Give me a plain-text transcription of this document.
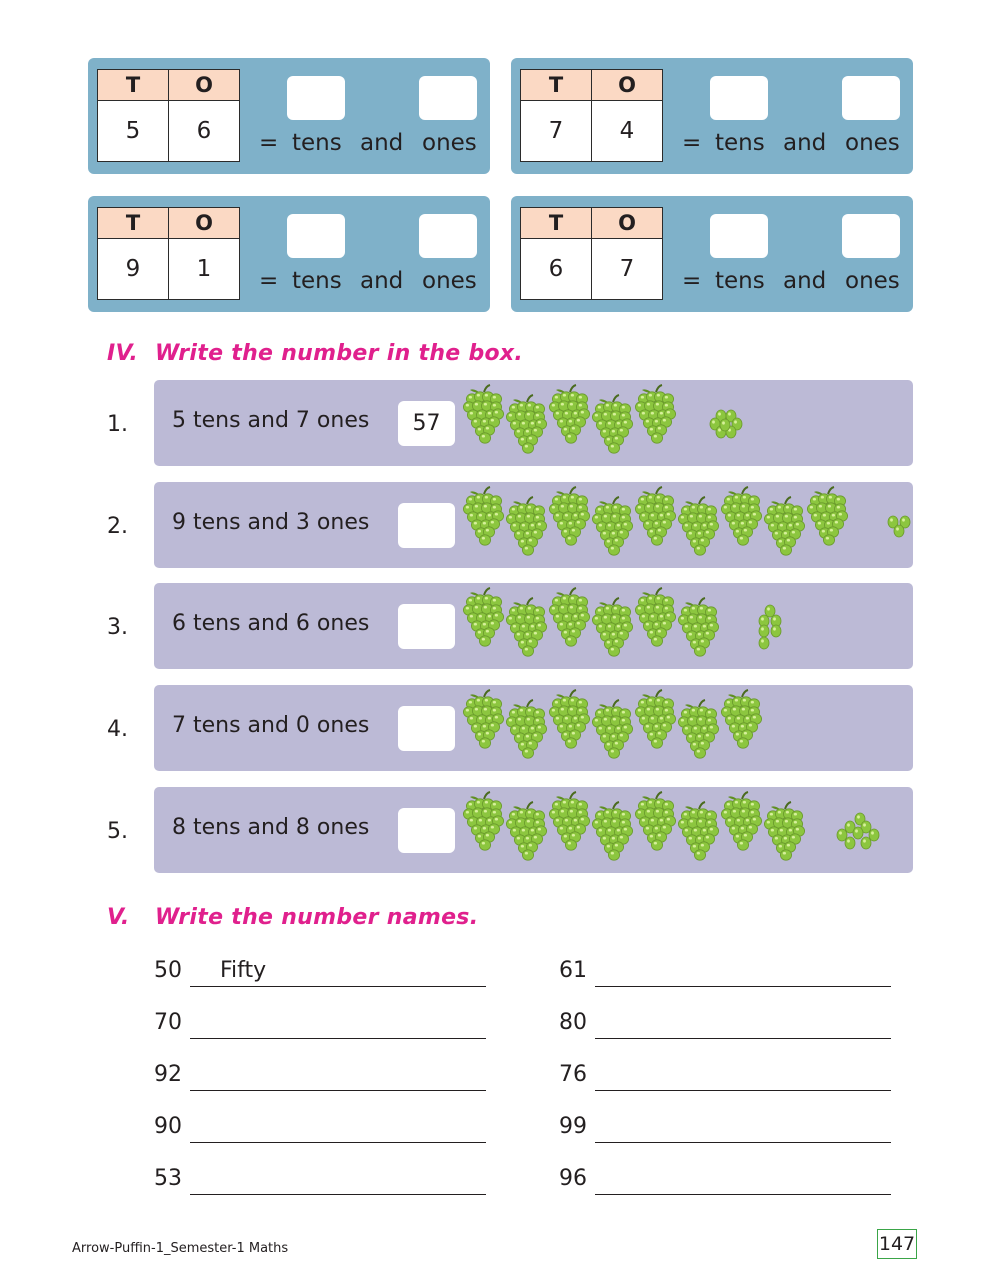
T	O
5	6 = tens and ones
T	O
7	4 = tens and ones
T	O
9	1 = tens and ones
T	O
6	7 = tens and ones
IV. Write the number in the box.
1. 5 tens and 7 ones	57
2. 9 tens and 3 ones
3. 6 tens and 6 ones
4. 7 tens and 0 ones
5. 8 tens and 8 ones
V. Write the number names.
50 Fifty	61
70	80
92	76
90	99
53	96
Arrow-Puffin-1_Semester-1 Maths	147
